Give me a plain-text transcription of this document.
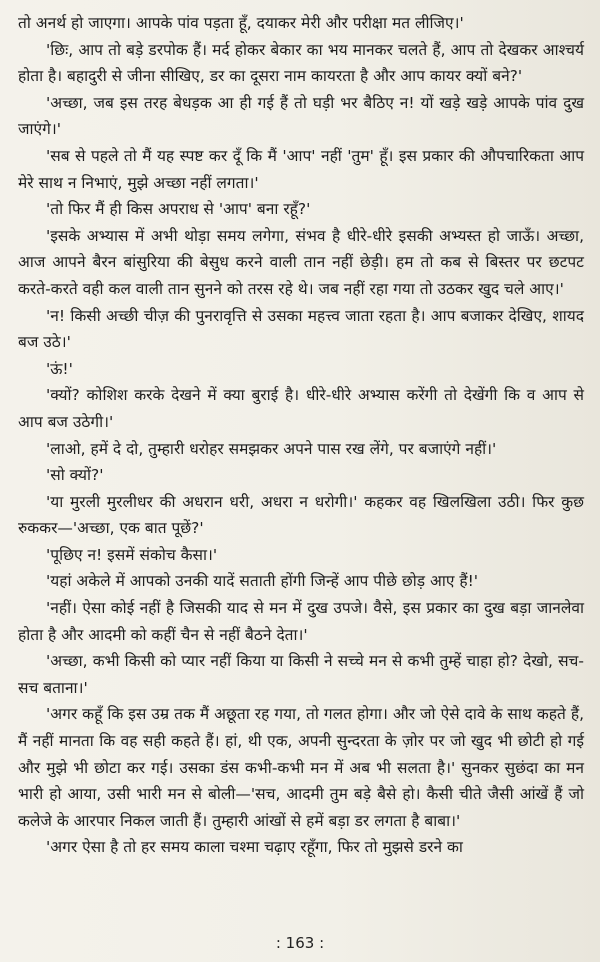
तो अनर्थ हो जाएगा। आपके पांव पड़ता हूँ, दयाकर मेरी और परीक्षा मत लीजिए।'

'छिः, आप तो बड़े डरपोक हैं। मर्द होकर बेकार का भय मानकर चलते हैं, आप तो देखकर आश्चर्य होता है। बहादुरी से जीना सीखिए, डर का दूसरा नाम कायरता है और आप कायर क्यों बने?'

'अच्छा, जब इस तरह बेधड़क आ ही गई हैं तो घड़ी भर बैठिए न! यों खड़े खड़े आपके पांव दुख जाएंगे।'

'सब से पहले तो मैं यह स्पष्ट कर दूँ कि मैं 'आप' नहीं 'तुम' हूँ। इस प्रकार की औपचारिकता आप मेरे साथ न निभाएं, मुझे अच्छा नहीं लगता।'

'तो फिर मैं ही किस अपराध से 'आप' बना रहूँ?'

'इसके अभ्यास में अभी थोड़ा समय लगेगा, संभव है धीरे-धीरे इसकी अभ्यस्त हो जाऊँ। अच्छा, आज आपने बैरन बांसुरिया की बेसुध करने वाली तान नहीं छेड़ी। हम तो कब से बिस्तर पर छटपट करते-करते वही कल वाली तान सुनने को तरस रहे थे। जब नहीं रहा गया तो उठकर खुद चले आए।'

'न! किसी अच्छी चीज़ की पुनरावृत्ति से उसका महत्त्व जाता रहता है। आप बजाकर देखिए, शायद बज उठे।'

'ऊं!'

'क्यों? कोशिश करके देखने में क्या बुराई है। धीरे-धीरे अभ्यास करेंगी तो देखेंगी कि व आप से आप बज उठेगी।'

'लाओ, हमें दे दो, तुम्हारी धरोहर समझकर अपने पास रख लेंगे, पर बजाएंगे नहीं।'

'सो क्यों?'

'या मुरली मुरलीधर की अधरान धरी, अधरा न धरोगी।' कहकर वह खिलखिला उठी। फिर कुछ रुककर—'अच्छा, एक बात पूछें?'

'पूछिए न! इसमें संकोच कैसा।'

'यहां अकेले में आपको उनकी यादें सताती होंगी जिन्हें आप पीछे छोड़ आए हैं!'

'नहीं। ऐसा कोई नहीं है जिसकी याद से मन में दुख उपजे। वैसे, इस प्रकार का दुख बड़ा जानलेवा होता है और आदमी को कहीं चैन से नहीं बैठने देता।'

'अच्छा, कभी किसी को प्यार नहीं किया या किसी ने सच्चे मन से कभी तुम्हें चाहा हो? देखो, सच-सच बताना।'

'अगर कहूँ कि इस उम्र तक मैं अछूता रह गया, तो गलत होगा। और जो ऐसे दावे के साथ कहते हैं, मैं नहीं मानता कि वह सही कहते हैं। हां, थी एक, अपनी सुन्दरता के ज़ोर पर जो खुद भी छोटी हो गई और मुझे भी छोटा कर गई। उसका डंस कभी-कभी मन में अब भी सलता है।' सुनकर सुछंदा का मन भारी हो आया, उसी भारी मन से बोली—'सच, आदमी तुम बड़े बैसे हो। कैसी चीते जैसी आंखें हैं जो कलेजे के आरपार निकल जाती हैं। तुम्हारी आंखों से हमें बड़ा डर लगता है बाबा।'

'अगर ऐसा है तो हर समय काला चश्मा चढ़ाए रहूँगा, फिर तो मुझसे डरने का

: 163 :
